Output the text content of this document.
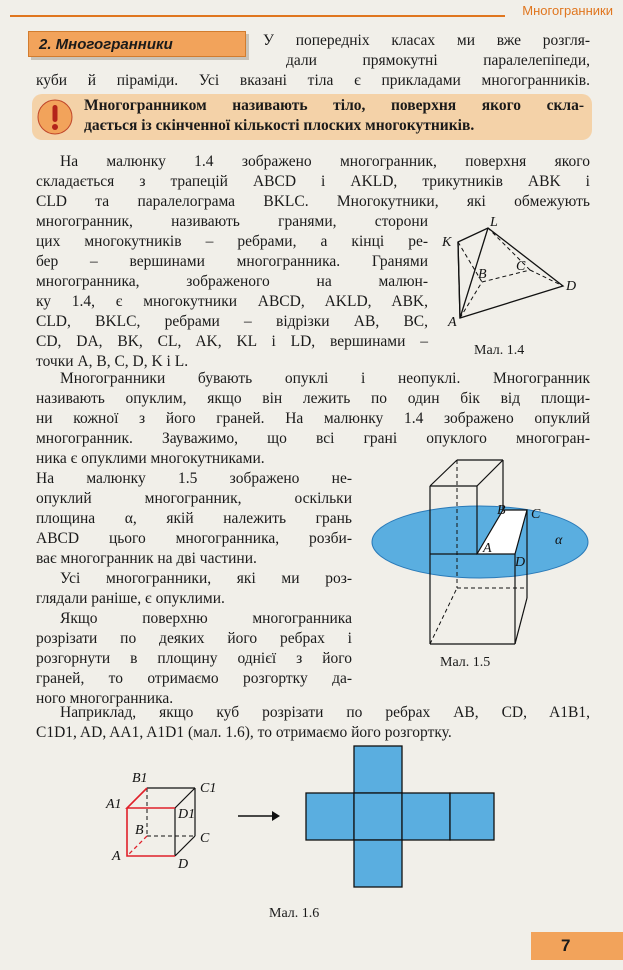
Многогранники
2. Многогранники	У попередніх класах ми вже розгля-
дали прямокутні паралелепіпеди,
куби й піраміди. Усі вказані тіла є прикладами многогранників.
Многогранником називають тіло, поверхня якого скла-
дається із скінченної кількості плоских многокутників.
На малюнку 1.4 зображено многогранник, поверхня якого
складається з трапецій ABCD і AKLD, трикутників ABK і
CLD та паралелограма BKLC. Многокутники, які обмежують
многогранник, називають гранями, сторони
цих многокутників – ребрами, а кінці ре-
бер – вершинами многогранника. Гранями
многогранника, зображеного на малюн-
ку 1.4, є многокутники ABCD, AKLD, ABK,
CLD, BKLC, ребрами – відрізки AB, BC,
CD, DA, BK, CL, AK, KL і LD, вершинами –
точки A, B, C, D, K і L.
K
L
B
C
D
A
Мал. 1.4
Многогранники бувають опуклі і неопуклі. Многогранник
називають опуклим, якщо він лежить по один бік від площи-
ни кожної з його граней. На малюнку 1.4 зображено опуклий
многогранник. Зауважимо, що всі грані опуклого многогран-
ника є опуклими многокутниками.
На малюнку 1.5 зображено не-
опуклий многогранник, оскільки
площина α, якій належить грань
ABCD цього многогранника, розби-
ває многогранник на дві частини.
Усі многогранники, які ми роз-
глядали раніше, є опуклими.
Якщо поверхню многогранника
розрізати по деяких його ребрах і
розгорнути в площину однієї з його
граней, то отримаємо розгортку да-
ного многогранника.
B C
A
D
α
Мал. 1.5
Наприклад, якщо куб розрізати по ребрах AB, CD, A1B1,
C1D1, AD, AA1, A1D1 (мал. 1.6), то отримаємо його розгортку.
B1
C1
A1
D1
B
C
A
D
Мал. 1.6
7
